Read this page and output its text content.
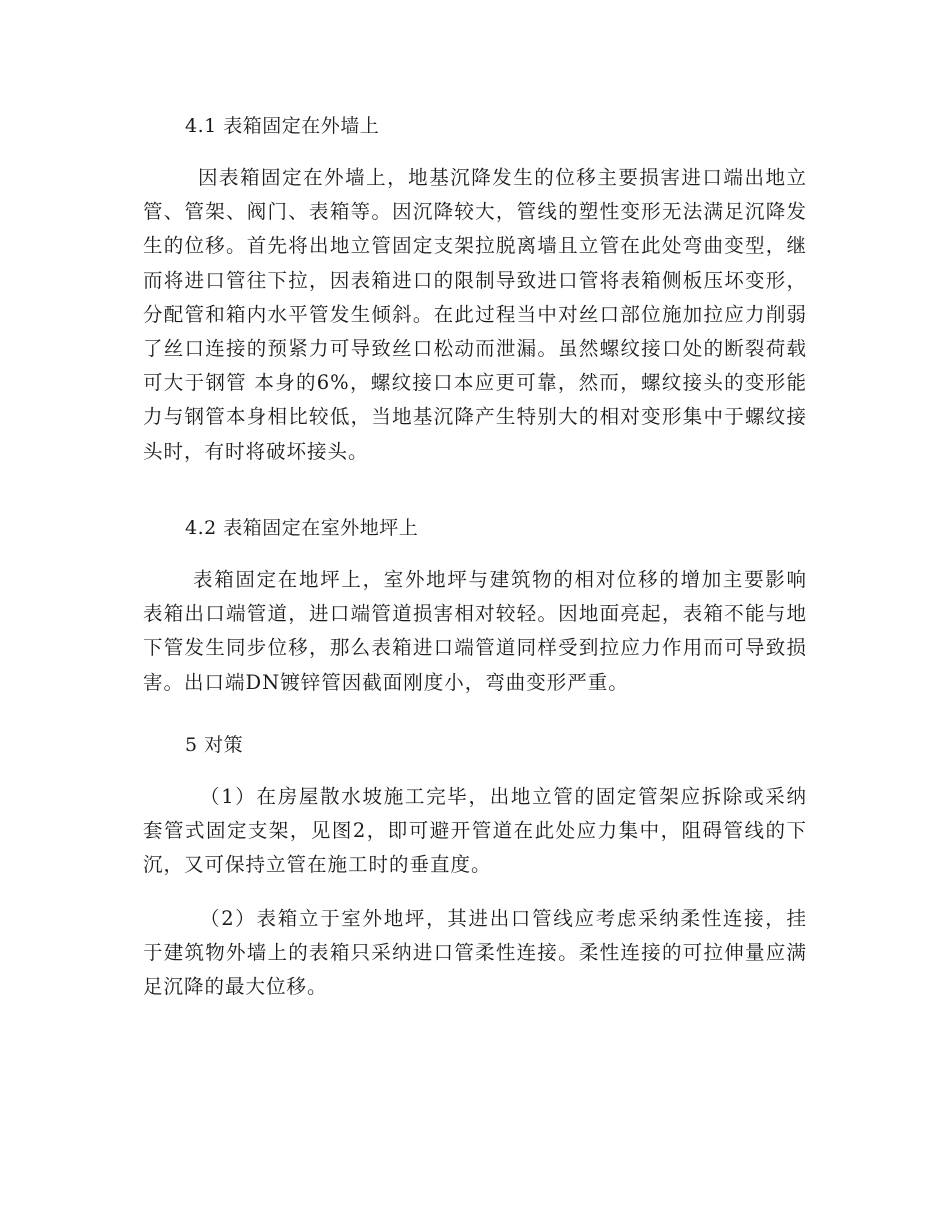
4.1 表箱固定在外墙上
因表箱固定在外墙上，地基沉降发生的位移主要损害进口端出地立管、管架、阀门、表箱等。因沉降较大，管线的塑性变形无法满足沉降发生的位移。首先将出地立管固定支架拉脱离墙且立管在此处弯曲变型，继而将进口管往下拉，因表箱进口的限制导致进口管将表箱侧板压坏变形，分配管和箱内水平管发生倾斜。在此过程当中对丝口部位施加拉应力削弱了丝口连接的预紧力可导致丝口松动而泄漏。虽然螺纹接口处的断裂荷载可大于钢管 本身的6%，螺纹接口本应更可靠，然而，螺纹接头的变形能力与钢管本身相比较低，当地基沉降产生特别大的相对变形集中于螺纹接头时，有时将破坏接头。
4.2 表箱固定在室外地坪上
表箱固定在地坪上，室外地坪与建筑物的相对位移的增加主要影响表箱出口端管道，进口端管道损害相对较轻。因地面亮起，表箱不能与地下管发生同步位移，那么表箱进口端管道同样受到拉应力作用而可导致损害。出口端DN镀锌管因截面刚度小，弯曲变形严重。
5 对策
（1）在房屋散水坡施工完毕，出地立管的固定管架应拆除或采纳套管式固定支架，见图2，即可避开管道在此处应力集中，阻碍管线的下沉，又可保持立管在施工时的垂直度。
（2）表箱立于室外地坪，其进出口管线应考虑采纳柔性连接，挂于建筑物外墙上的表箱只采纳进口管柔性连接。柔性连接的可拉伸量应满足沉降的最大位移。
